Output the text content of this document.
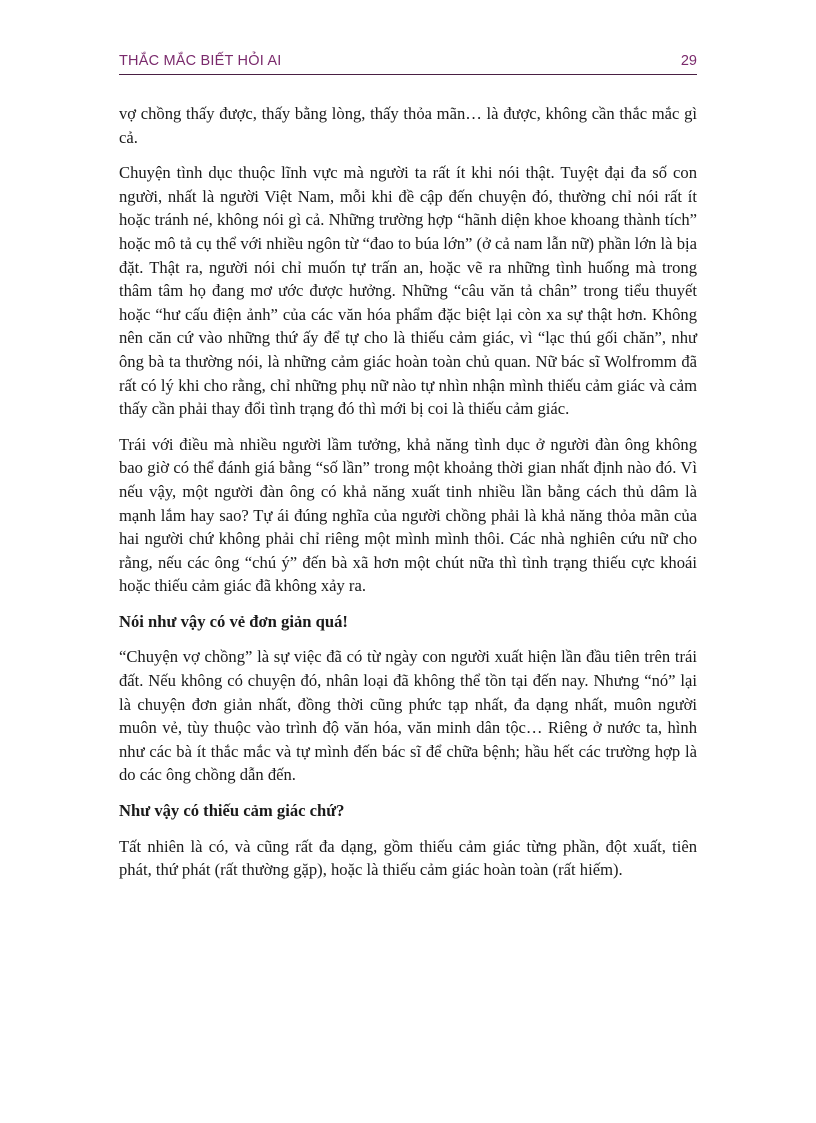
THẮC MẮC BIẾT HỎI AI	29

vợ chồng thấy được, thấy bằng lòng, thấy thỏa mãn… là được, không cần thắc mắc gì cả.

Chuyện tình dục thuộc lĩnh vực mà người ta rất ít khi nói thật. Tuyệt đại đa số con người, nhất là người Việt Nam, mỗi khi đề cập đến chuyện đó, thường chỉ nói rất ít hoặc tránh né, không nói gì cả. Những trường hợp “hãnh diện khoe khoang thành tích” hoặc mô tả cụ thể với nhiều ngôn từ “đao to búa lớn” (ở cả nam lẫn nữ) phần lớn là bịa đặt. Thật ra, người nói chỉ muốn tự trấn an, hoặc vẽ ra những tình huống mà trong thâm tâm họ đang mơ ước được hưởng. Những “câu văn tả chân” trong tiểu thuyết hoặc “hư cấu điện ảnh” của các văn hóa phẩm đặc biệt lại còn xa sự thật hơn. Không nên căn cứ vào những thứ ấy để tự cho là thiếu cảm giác, vì “lạc thú gối chăn”, như ông bà ta thường nói, là những cảm giác hoàn toàn chủ quan. Nữ bác sĩ Wolfromm đã rất có lý khi cho rằng, chỉ những phụ nữ nào tự nhìn nhận mình thiếu cảm giác và cảm thấy cần phải thay đổi tình trạng đó thì mới bị coi là thiếu cảm giác.

Trái với điều mà nhiều người lầm tưởng, khả năng tình dục ở người đàn ông không bao giờ có thể đánh giá bằng “số lần” trong một khoảng thời gian nhất định nào đó. Vì nếu vậy, một người đàn ông có khả năng xuất tinh nhiều lần bằng cách thủ dâm là mạnh lắm hay sao? Tự ái đúng nghĩa của người chồng phải là khả năng thỏa mãn của hai người chứ không phải chỉ riêng một mình mình thôi. Các nhà nghiên cứu nữ cho rằng, nếu các ông “chú ý” đến bà xã hơn một chút nữa thì tình trạng thiếu cực khoái hoặc thiếu cảm giác đã không xảy ra.

Nói như vậy có vẻ đơn giản quá!

“Chuyện vợ chồng” là sự việc đã có từ ngày con người xuất hiện lần đầu tiên trên trái đất. Nếu không có chuyện đó, nhân loại đã không thể tồn tại đến nay. Nhưng “nó” lại là chuyện đơn giản nhất, đồng thời cũng phức tạp nhất, đa dạng nhất, muôn người muôn vẻ, tùy thuộc vào trình độ văn hóa, văn minh dân tộc… Riêng ở nước ta, hình như các bà ít thắc mắc và tự mình đến bác sĩ để chữa bệnh; hầu hết các trường hợp là do các ông chồng dẫn đến.

Như vậy có thiếu cảm giác chứ?

Tất nhiên là có, và cũng rất đa dạng, gồm thiếu cảm giác từng phần, đột xuất, tiên phát, thứ phát (rất thường gặp), hoặc là thiếu cảm giác hoàn toàn (rất hiếm).
